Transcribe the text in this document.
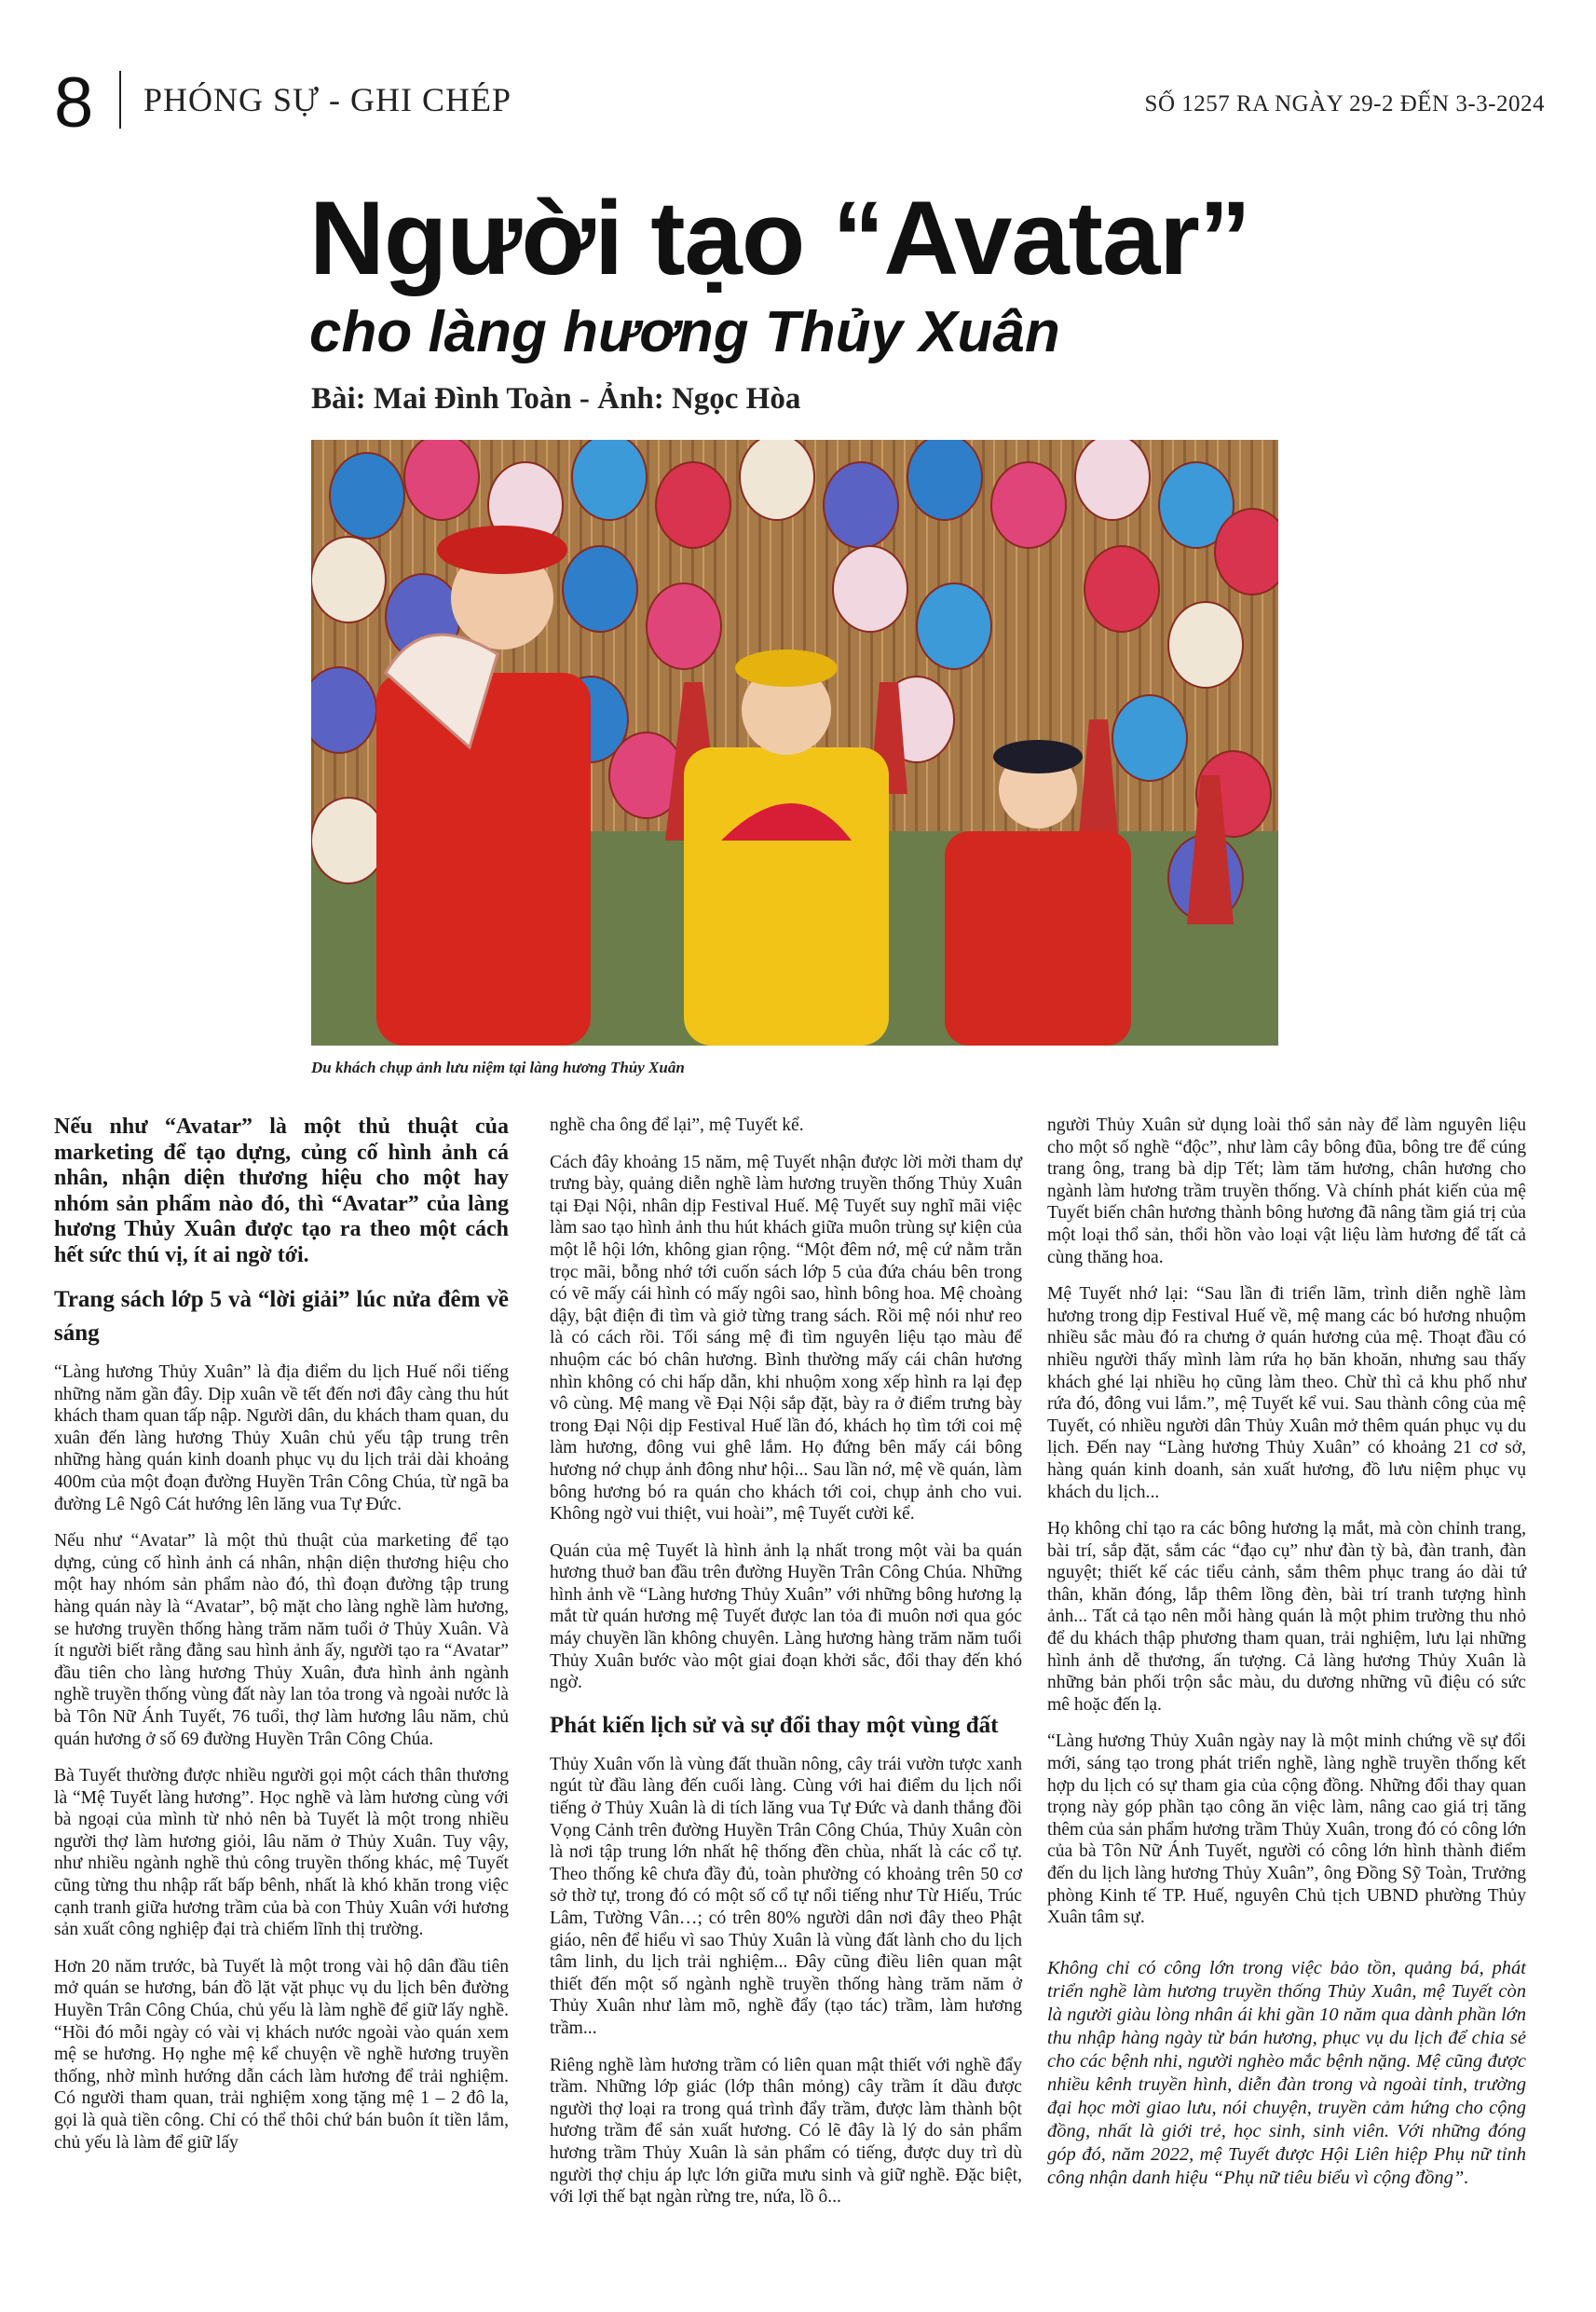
8 PHÓNG SỰ - GHI CHÉP	SỐ 1257 RA NGÀY 29-2 ĐẾN 3-3-2024
Người tạo “Avatar”
cho làng hương Thủy Xuân
Bài: Mai Đình Toàn - Ảnh: Ngọc Hòa
Du khách chụp ảnh lưu niệm tại làng hương Thủy Xuân

Nếu như “Avatar” là một thủ thuật của marketing để tạo dựng, củng cố hình ảnh cá nhân, nhận diện thương hiệu cho một hay nhóm sản phẩm nào đó, thì “Avatar” của làng hương Thủy Xuân được tạo ra theo một cách hết sức thú vị, ít ai ngờ tới.

Trang sách lớp 5 và “lời giải” lúc nửa đêm về sáng

“Làng hương Thủy Xuân” là địa điểm du lịch Huế nổi tiếng những năm gần đây. Dịp xuân về tết đến nơi đây càng thu hút khách tham quan tấp nập. Người dân, du khách tham quan, du xuân đến làng hương Thủy Xuân chủ yếu tập trung trên những hàng quán kinh doanh phục vụ du lịch trải dài khoảng 400m của một đoạn đường Huyền Trân Công Chúa, từ ngã ba đường Lê Ngô Cát hướng lên lăng vua Tự Đức.

Nếu như “Avatar” là một thủ thuật của marketing để tạo dựng, củng cố hình ảnh cá nhân, nhận diện thương hiệu cho một hay nhóm sản phẩm nào đó, thì đoạn đường tập trung hàng quán này là “Avatar”, bộ mặt cho làng nghề làm hương, se hương truyền thống hàng trăm năm tuổi ở Thủy Xuân. Và ít người biết rằng đằng sau hình ảnh ấy, người tạo ra “Avatar” đầu tiên cho làng hương Thủy Xuân, đưa hình ảnh ngành nghề truyền thống vùng đất này lan tỏa trong và ngoài nước là bà Tôn Nữ Ánh Tuyết, 76 tuổi, thợ làm hương lâu năm, chủ quán hương ở số 69 đường Huyền Trân Công Chúa.

Bà Tuyết thường được nhiều người gọi một cách thân thương là “Mệ Tuyết làng hương”. Học nghề và làm hương cùng với bà ngoại của mình từ nhỏ nên bà Tuyết là một trong nhiều người thợ làm hương giỏi, lâu năm ở Thủy Xuân. Tuy vậy, như nhiều ngành nghề thủ công truyền thống khác, mệ Tuyết cũng từng thu nhập rất bấp bênh, nhất là khó khăn trong việc cạnh tranh giữa hương trầm của bà con Thủy Xuân với hương sản xuất công nghiệp đại trà chiếm lĩnh thị trường.

Hơn 20 năm trước, bà Tuyết là một trong vài hộ dân đầu tiên mở quán se hương, bán đồ lặt vặt phục vụ du lịch bên đường Huyền Trân Công Chúa, chủ yếu là làm nghề để giữ lấy nghề. “Hồi đó mỗi ngày có vài vị khách nước ngoài vào quán xem mệ se hương. Họ nghe mệ kể chuyện về nghề hương truyền thống, nhờ mình hướng dẫn cách làm hương để trải nghiệm. Có người tham quan, trải nghiệm xong tặng mệ 1 – 2 đô la, gọi là quà tiền công. Chỉ có thể thôi chứ bán buôn ít tiền lắm, chủ yếu là làm để giữ lấy

nghề cha ông để lại”, mệ Tuyết kể.

Cách đây khoảng 15 năm, mệ Tuyết nhận được lời mời tham dự trưng bày, quảng diễn nghề làm hương truyền thống Thủy Xuân tại Đại Nội, nhân dịp Festival Huế. Mệ Tuyết suy nghĩ mãi việc làm sao tạo hình ảnh thu hút khách giữa muôn trùng sự kiện của một lễ hội lớn, không gian rộng. “Một đêm nớ, mệ cứ nằm trằn trọc mãi, bỗng nhớ tới cuốn sách lớp 5 của đứa cháu bên trong có vẽ mấy cái hình có mấy ngôi sao, hình bông hoa. Mệ choàng dậy, bật điện đi tìm và giở từng trang sách. Rồi mệ nói như reo là có cách rồi. Tối sáng mệ đi tìm nguyên liệu tạo màu để nhuộm các bó chân hương. Bình thường mấy cái chân hương nhìn không có chi hấp dẫn, khi nhuộm xong xếp hình ra lại đẹp vô cùng. Mệ mang về Đại Nội sắp đặt, bày ra ở điểm trưng bày trong Đại Nội dịp Festival Huế lần đó, khách họ tìm tới coi mệ làm hương, đông vui ghê lắm. Họ đứng bên mấy cái bông hương nớ chụp ảnh đông như hội... Sau lần nớ, mệ về quán, làm bông hương bó ra quán cho khách tới coi, chụp ảnh cho vui. Không ngờ vui thiệt, vui hoài”, mệ Tuyết cười kể.

Quán của mệ Tuyết là hình ảnh lạ nhất trong một vài ba quán hương thuở ban đầu trên đường Huyền Trân Công Chúa. Những hình ảnh về “Làng hương Thủy Xuân” với những bông hương lạ mắt từ quán hương mệ Tuyết được lan tỏa đi muôn nơi qua góc máy chuyền lần không chuyên. Làng hương hàng trăm năm tuổi Thủy Xuân bước vào một giai đoạn khởi sắc, đổi thay đến khó ngờ.

Phát kiến lịch sử và sự đổi thay một vùng đất

Thủy Xuân vốn là vùng đất thuần nông, cây trái vườn tược xanh ngút từ đầu làng đến cuối làng. Cùng với hai điểm du lịch nổi tiếng ở Thủy Xuân là di tích lăng vua Tự Đức và danh thắng đồi Vọng Cảnh trên đường Huyền Trân Công Chúa, Thủy Xuân còn là nơi tập trung lớn nhất hệ thống đền chùa, nhất là các cổ tự. Theo thống kê chưa đầy đủ, toàn phường có khoảng trên 50 cơ sở thờ tự, trong đó có một số cổ tự nổi tiếng như Từ Hiếu, Trúc Lâm, Tường Vân…; có trên 80% người dân nơi đây theo Phật giáo, nên để hiểu vì sao Thủy Xuân là vùng đất lành cho du lịch tâm linh, du lịch trải nghiệm... Đây cũng điều liên quan mật thiết đến một số ngành nghề truyền thống hàng trăm năm ở Thủy Xuân như làm mõ, nghề đẩy (tạo tác) trầm, làm hương trầm...

Riêng nghề làm hương trầm có liên quan mật thiết với nghề đẩy trầm. Những lớp giác (lớp thân mỏng) cây trầm ít dầu được người thợ loại ra trong quá trình đẩy trầm, được làm thành bột hương trầm để sản xuất hương. Có lẽ đây là lý do sản phẩm hương trầm Thủy Xuân là sản phẩm có tiếng, được duy trì dù người thợ chịu áp lực lớn giữa mưu sinh và giữ nghề. Đặc biệt, với lợi thế bạt ngàn rừng tre, nứa, lồ ô...

người Thủy Xuân sử dụng loài thổ sản này để làm nguyên liệu cho một số nghề “độc”, như làm cây bông đũa, bông tre để cúng trang ông, trang bà dịp Tết; làm tăm hương, chân hương cho ngành làm hương trầm truyền thống. Và chính phát kiến của mệ Tuyết biến chân hương thành bông hương đã nâng tầm giá trị của một loại thổ sản, thổi hồn vào loại vật liệu làm hương để tất cả cùng thăng hoa.

Mệ Tuyết nhớ lại: “Sau lần đi triển lãm, trình diễn nghề làm hương trong dịp Festival Huế về, mệ mang các bó hương nhuộm nhiều sắc màu đó ra chưng ở quán hương của mệ. Thoạt đầu có nhiều người thấy mình làm rứa họ băn khoăn, nhưng sau thấy khách ghé lại nhiều họ cũng làm theo. Chừ thì cả khu phố như rứa đó, đông vui lắm.”, mệ Tuyết kể vui. Sau thành công của mệ Tuyết, có nhiều người dân Thủy Xuân mở thêm quán phục vụ du lịch. Đến nay “Làng hương Thủy Xuân” có khoảng 21 cơ sở, hàng quán kinh doanh, sản xuất hương, đồ lưu niệm phục vụ khách du lịch...

Họ không chỉ tạo ra các bông hương lạ mắt, mà còn chỉnh trang, bài trí, sắp đặt, sắm các “đạo cụ” như đàn tỳ bà, đàn tranh, đàn nguyệt; thiết kế các tiểu cảnh, sắm thêm phục trang áo dài tứ thân, khăn đóng, lắp thêm lồng đèn, bài trí tranh tượng hình ảnh... Tất cả tạo nên mỗi hàng quán là một phim trường thu nhỏ để du khách thập phương tham quan, trải nghiệm, lưu lại những hình ảnh dễ thương, ấn tượng. Cả làng hương Thủy Xuân là những bản phối trộn sắc màu, du dương những vũ điệu có sức mê hoặc đến lạ.

“Làng hương Thủy Xuân ngày nay là một minh chứng về sự đổi mới, sáng tạo trong phát triển nghề, làng nghề truyền thống kết hợp du lịch có sự tham gia của cộng đồng. Những đổi thay quan trọng này góp phần tạo công ăn việc làm, nâng cao giá trị tăng thêm của sản phẩm hương trầm Thủy Xuân, trong đó có công lớn của bà Tôn Nữ Ánh Tuyết, người có công lớn hình thành điểm đến du lịch làng hương Thủy Xuân”, ông Đồng Sỹ Toàn, Trưởng phòng Kinh tế TP. Huế, nguyên Chủ tịch UBND phường Thủy Xuân tâm sự.

Không chỉ có công lớn trong việc bảo tồn, quảng bá, phát triển nghề làm hương truyền thống Thủy Xuân, mệ Tuyết còn là người giàu lòng nhân ái khi gần 10 năm qua dành phần lớn thu nhập hàng ngày từ bán hương, phục vụ du lịch để chia sẻ cho các bệnh nhi, người nghèo mắc bệnh nặng. Mệ cũng được nhiều kênh truyền hình, diễn đàn trong và ngoài tỉnh, trường đại học mời giao lưu, nói chuyện, truyền cảm hứng cho cộng đồng, nhất là giới trẻ, học sinh, sinh viên. Với những đóng góp đó, năm 2022, mệ Tuyết được Hội Liên hiệp Phụ nữ tỉnh công nhận danh hiệu “Phụ nữ tiêu biểu vì cộng đồng”.
